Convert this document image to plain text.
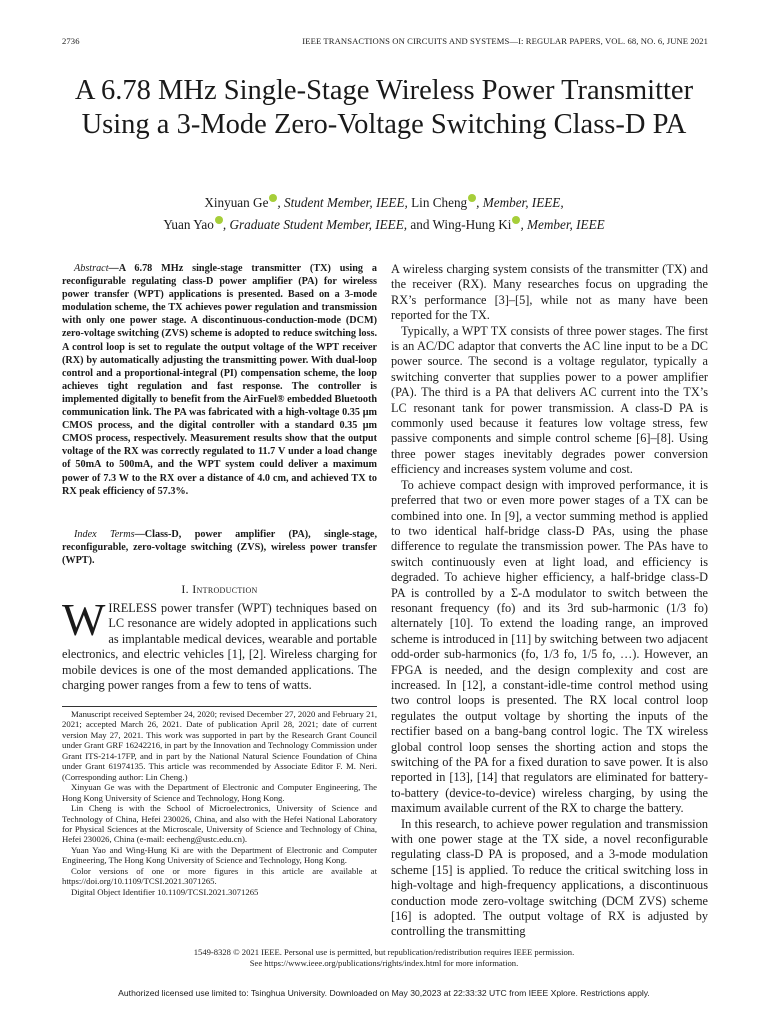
2736	IEEE TRANSACTIONS ON CIRCUITS AND SYSTEMS—I: REGULAR PAPERS, VOL. 68, NO. 6, JUNE 2021
A 6.78 MHz Single-Stage Wireless Power Transmitter Using a 3-Mode Zero-Voltage Switching Class-D PA
Xinyuan Ge , Student Member, IEEE, Lin Cheng , Member, IEEE,
Yuan Yao , Graduate Student Member, IEEE, and Wing-Hung Ki , Member, IEEE

Abstract—A 6.78 MHz single-stage transmitter (TX) using a reconfigurable regulating class-D power amplifier (PA) for wireless power transfer (WPT) applications is presented. Based on a 3-mode modulation scheme, the TX achieves power regulation and transmission with only one power stage. A discontinuous-conduction-mode (DCM) zero-voltage switching (ZVS) scheme is adopted to reduce switching loss. A control loop is set to regulate the output voltage of the WPT receiver (RX) by automatically adjusting the transmitting power. With dual-loop control and a proportional-integral (PI) compensation scheme, the loop achieves tight regulation and fast response. The controller is implemented digitally to benefit from the AirFuel® embedded Bluetooth communication link. The PA was fabricated with a high-voltage 0.35 μm CMOS process, and the digital controller with a standard 0.35 μm CMOS process, respectively. Measurement results show that the output voltage of the RX was correctly regulated to 11.7 V under a load change of 50mA to 500mA, and the WPT system could deliver a maximum power of 7.3 W to the RX over a distance of 4.0 cm, and achieved TX to RX peak efficiency of 57.3%.

Index Terms—Class-D, power amplifier (PA), single-stage, reconfigurable, zero-voltage switching (ZVS), wireless power transfer (WPT).

I. Introduction

WIRELESS power transfer (WPT) techniques based on LC resonance are widely adopted in applications such as implantable medical devices, wearable and portable electronics, and electric vehicles [1], [2]. Wireless charging for mobile devices is one of the most demanded applications. The charging power ranges from a few to tens of watts.

Manuscript received September 24, 2020; revised December 27, 2020 and February 21, 2021; accepted March 26, 2021. Date of publication April 28, 2021; date of current version May 27, 2021. This work was supported in part by the Research Grant Council under Grant GRF 16242216, in part by the Innovation and Technology Commission under Grant ITS-214-17FP, and in part by the National Natural Science Foundation of China under Grant 61974135. This article was recommended by Associate Editor F. M. Neri. (Corresponding author: Lin Cheng.)

Xinyuan Ge was with the Department of Electronic and Computer Engineering, The Hong Kong University of Science and Technology, Hong Kong.

Lin Cheng is with the School of Microelectronics, University of Science and Technology of China, Hefei 230026, China, and also with the Hefei National Laboratory for Physical Sciences at the Microscale, University of Science and Technology of China, Hefei 230026, China (e-mail: eecheng@ustc.edu.cn).

Yuan Yao and Wing-Hung Ki are with the Department of Electronic and Computer Engineering, The Hong Kong University of Science and Technology, Hong Kong.

Color versions of one or more figures in this article are available at https://doi.org/10.1109/TCSI.2021.3071265.

Digital Object Identifier 10.1109/TCSI.2021.3071265

A wireless charging system consists of the transmitter (TX) and the receiver (RX). Many researches focus on upgrading the RX’s performance [3]–[5], while not as many have been reported for the TX.

Typically, a WPT TX consists of three power stages. The first is an AC/DC adaptor that converts the AC line input to be a DC power source. The second is a voltage regulator, typically a switching converter that supplies power to a power amplifier (PA). The third is a PA that delivers AC current into the TX’s LC resonant tank for power transmission. A class-D PA is commonly used because it features low voltage stress, few passive components and simple control scheme [6]–[8]. Using three power stages inevitably degrades power conversion efficiency and increases system volume and cost.

To achieve compact design with improved performance, it is preferred that two or even more power stages of a TX can be combined into one. In [9], a vector summing method is applied to two identical half-bridge class-D PAs, using the phase difference to regulate the transmission power. The PAs have to switch continuously even at light load, and efficiency is degraded. To achieve higher efficiency, a half-bridge class-D PA is controlled by a Σ-Δ modulator to switch between the resonant frequency (fo) and its 3rd sub-harmonic (1/3 fo) alternately [10]. To extend the loading range, an improved scheme is introduced in [11] by switching between two adjacent odd-order sub-harmonics (fo, 1/3 fo, 1/5 fo, …). However, an FPGA is needed, and the design complexity and cost are increased. In [12], a constant-idle-time control method using two control loops is presented. The RX local control loop regulates the output voltage by shorting the inputs of the rectifier based on a bang-bang control logic. The TX wireless global control loop senses the shorting action and stops the switching of the PA for a fixed duration to save power. It is also reported in [13], [14] that regulators are eliminated for battery-to-battery (device-to-device) wireless charging, by using the maximum available current of the RX to charge the battery.

In this research, to achieve power regulation and transmission with one power stage at the TX side, a novel reconfigurable regulating class-D PA is proposed, and a 3-mode modulation scheme [15] is applied. To reduce the critical switching loss in high-voltage and high-frequency applications, a discontinuous conduction mode zero-voltage switching (DCM ZVS) scheme [16] is adopted. The output voltage of RX is adjusted by controlling the transmitting

1549-8328 © 2021 IEEE. Personal use is permitted, but republication/redistribution requires IEEE permission.
See https://www.ieee.org/publications/rights/index.html for more information.
Authorized licensed use limited to: Tsinghua University. Downloaded on May 30,2023 at 22:33:32 UTC from IEEE Xplore. Restrictions apply.
